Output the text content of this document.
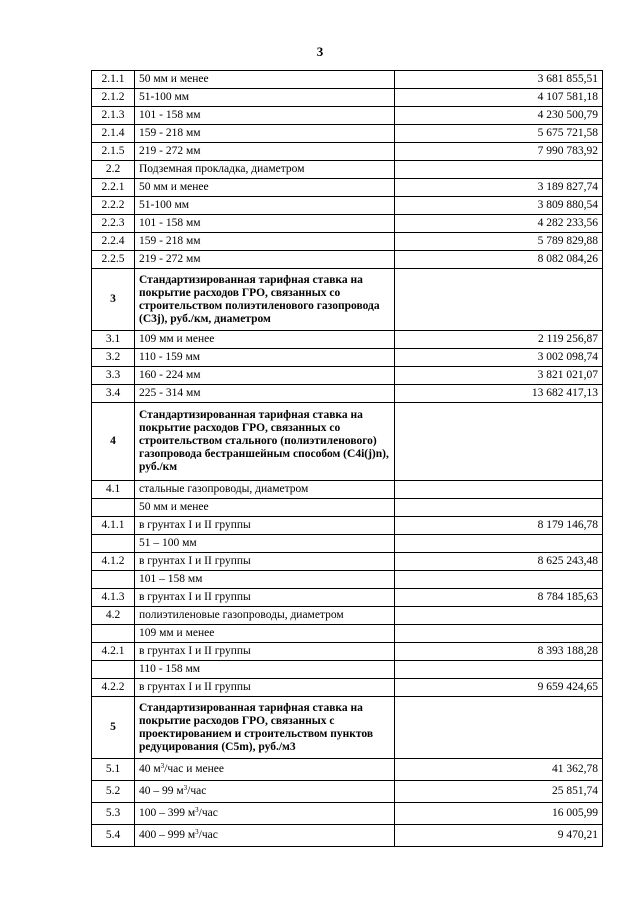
3
2.1.1	50 мм и менее	3 681 855,51
2.1.2	51-100 мм	4 107 581,18
2.1.3	101 - 158 мм	4 230 500,79
2.1.4	159 - 218 мм	5 675 721,58
2.1.5	219 - 272 мм	7 990 783,92
2.2	Подземная прокладка, диаметром	
2.2.1	50 мм и менее	3 189 827,74
2.2.2	51-100 мм	3 809 880,54
2.2.3	101 - 158 мм	4 282 233,56
2.2.4	159 - 218 мм	5 789 829,88
2.2.5	219 - 272 мм	8 082 084,26
3	Стандартизированная тарифная ставка на покрытие расходов ГРО, связанных со строительством полиэтиленового газопровода (С3j), руб./км, диаметром	
3.1	109 мм и менее	2 119 256,87
3.2	110 - 159 мм	3 002 098,74
3.3	160 - 224 мм	3 821 021,07
3.4	225 - 314 мм	13 682 417,13
4	Стандартизированная тарифная ставка на покрытие расходов ГРО, связанных со строительством стального (полиэтиленового) газопровода бестраншейным способом (С4i(j)n), руб./км	
4.1	стальные газопроводы, диаметром	
	50 мм и менее	
4.1.1	в грунтах I и II группы	8 179 146,78
	51 – 100 мм	
4.1.2	в грунтах I и II группы	8 625 243,48
	101 – 158 мм	
4.1.3	в грунтах I и II группы	8 784 185,63
4.2	полиэтиленовые газопроводы, диаметром	
	109 мм и менее	
4.2.1	в грунтах I и II группы	8 393 188,28
	110 - 158 мм	
4.2.2	в грунтах I и II группы	9 659 424,65
5	Стандартизированная тарифная ставка на покрытие расходов ГРО, связанных с проектированием и строительством пунктов редуцирования (С5m), руб./м3	
5.1	40 $м^3$/час и менее	41 362,78
5.2	40 – 99 $м^3$/час	25 851,74
5.3	100 – 399 $м^3$/час	16 005,99
5.4	400 – 999 $м^3$/час	9 470,21
